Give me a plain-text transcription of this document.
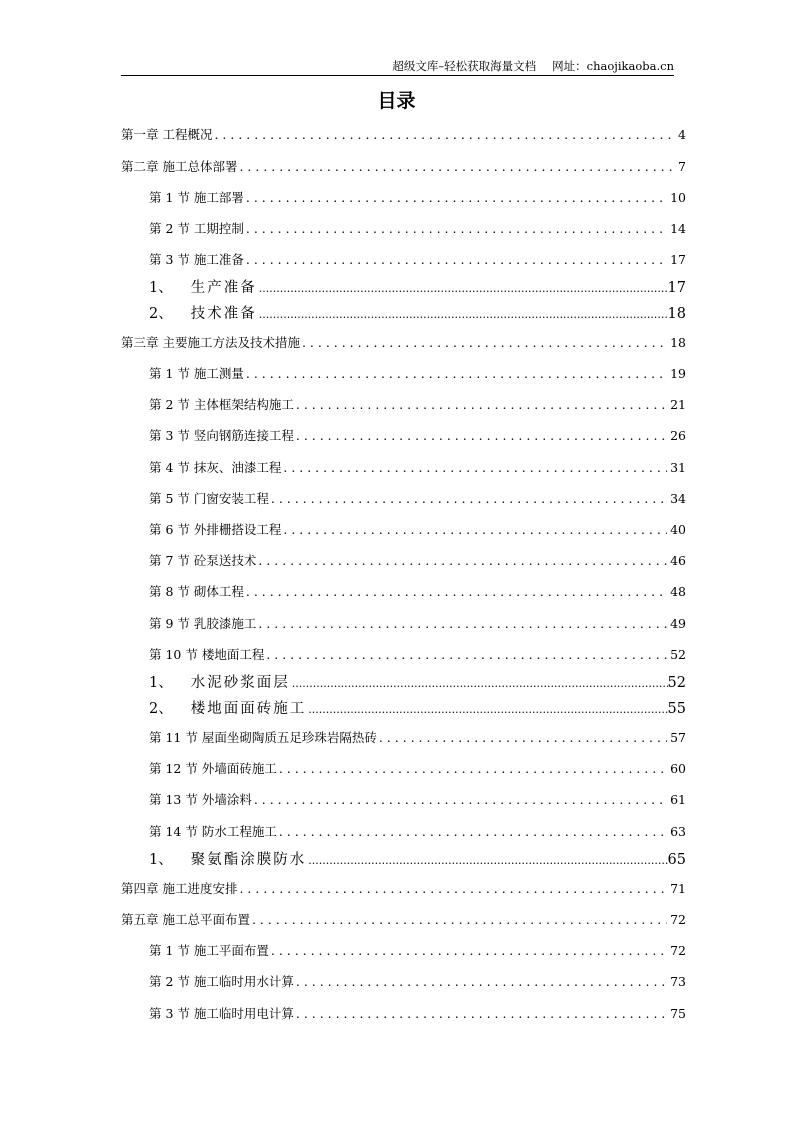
超级文库–轻松获取海量文档 网址：chaojikaoba.cn
目录
第一章 工程概况 . . .	4
第二章 施工总体部署 . . .	7
第 1 节 施工部署 . . .	10
第 2 节 工期控制 . . .	14
第 3 节 施工准备 . . .	17
1、 生产准备 .....	17
2、 技术准备 .....	18
第三章 主要施工方法及技术措施 . . .	18
第 1 节 施工测量 . . .	19
第 2 节 主体框架结构施工 . . .	21
第 3 节 竖向钢筋连接工程 . . .	26
第 4 节 抹灰、油漆工程 . . .	31
第 5 节 门窗安装工程 . . .	34
第 6 节 外排栅搭设工程 . . .	40
第 7 节 砼泵送技术 . . .	46
第 8 节 砌体工程 . . .	48
第 9 节 乳胶漆施工 . . .	49
第 10 节 楼地面工程 . . .	52
1、 水泥砂浆面层 .....	52
2、 楼地面面砖施工 .....	55
第 11 节 屋面坐砌陶质五足珍珠岩隔热砖 . . .	57
第 12 节 外墙面砖施工 . . .	60
第 13 节 外墙涂料 . . .	61
第 14 节 防水工程施工 . . .	63
1、 聚氨酯涂膜防水 .....	65
第四章 施工进度安排 . . .	71
第五章 施工总平面布置 . . .	72
第 1 节 施工平面布置 . . .	72
第 2 节 施工临时用水计算 . . .	73
第 3 节 施工临时用电计算 . . .	75
